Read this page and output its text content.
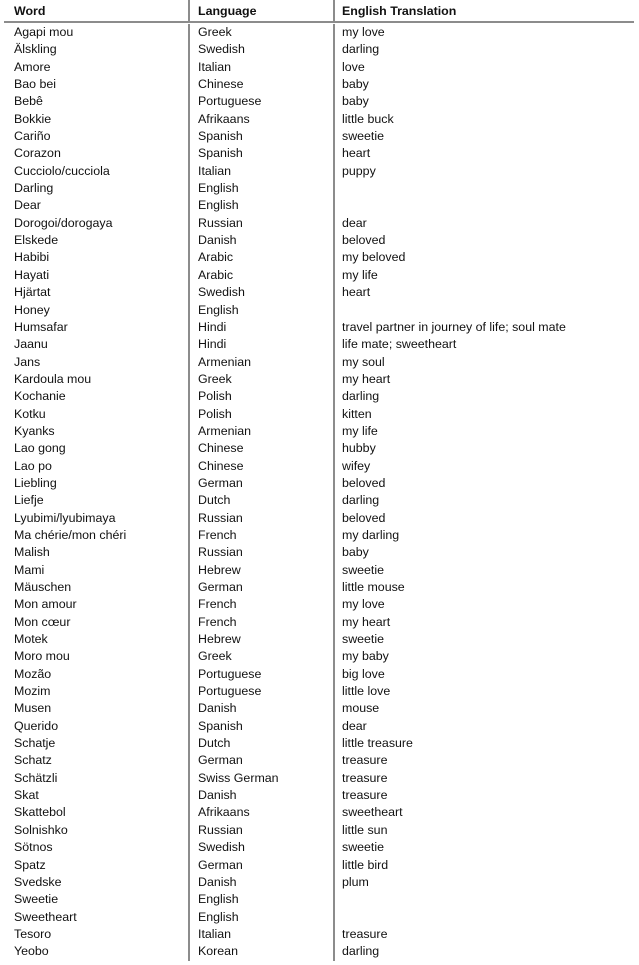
Word	Language	English Translation
Agapi mou	Greek	my love
Älskling	Swedish	darling
Amore	Italian	love
Bao bei	Chinese	baby
Bebê	Portuguese	baby
Bokkie	Afrikaans	little buck
Cariño	Spanish	sweetie
Corazon	Spanish	heart
Cucciolo/cucciola	Italian	puppy
Darling	English
Dear	English
Dorogoi/dorogaya	Russian	dear
Elskede	Danish	beloved
Habibi	Arabic	my beloved
Hayati	Arabic	my life
Hjärtat	Swedish	heart
Honey	English
Humsafar	Hindi	travel partner in journey of life; soul mate
Jaanu	Hindi	life mate; sweetheart
Jans	Armenian	my soul
Kardoula mou	Greek	my heart
Kochanie	Polish	darling
Kotku	Polish	kitten
Kyanks	Armenian	my life
Lao gong	Chinese	hubby
Lao po	Chinese	wifey
Liebling	German	beloved
Liefje	Dutch	darling
Lyubimi/lyubimaya	Russian	beloved
Ma chérie/mon chéri	French	my darling
Malish	Russian	baby
Mami	Hebrew	sweetie
Mäuschen	German	little mouse
Mon amour	French	my love
Mon cœur	French	my heart
Motek	Hebrew	sweetie
Moro mou	Greek	my baby
Mozão	Portuguese	big love
Mozim	Portuguese	little love
Musen	Danish	mouse
Querido	Spanish	dear
Schatje	Dutch	little treasure
Schatz	German	treasure
Schätzli	Swiss German	treasure
Skat	Danish	treasure
Skattebol	Afrikaans	sweetheart
Solnishko	Russian	little sun
Sötnos	Swedish	sweetie
Spatz	German	little bird
Svedske	Danish	plum
Sweetie	English
Sweetheart	English
Tesoro	Italian	treasure
Yeobo	Korean	darling
